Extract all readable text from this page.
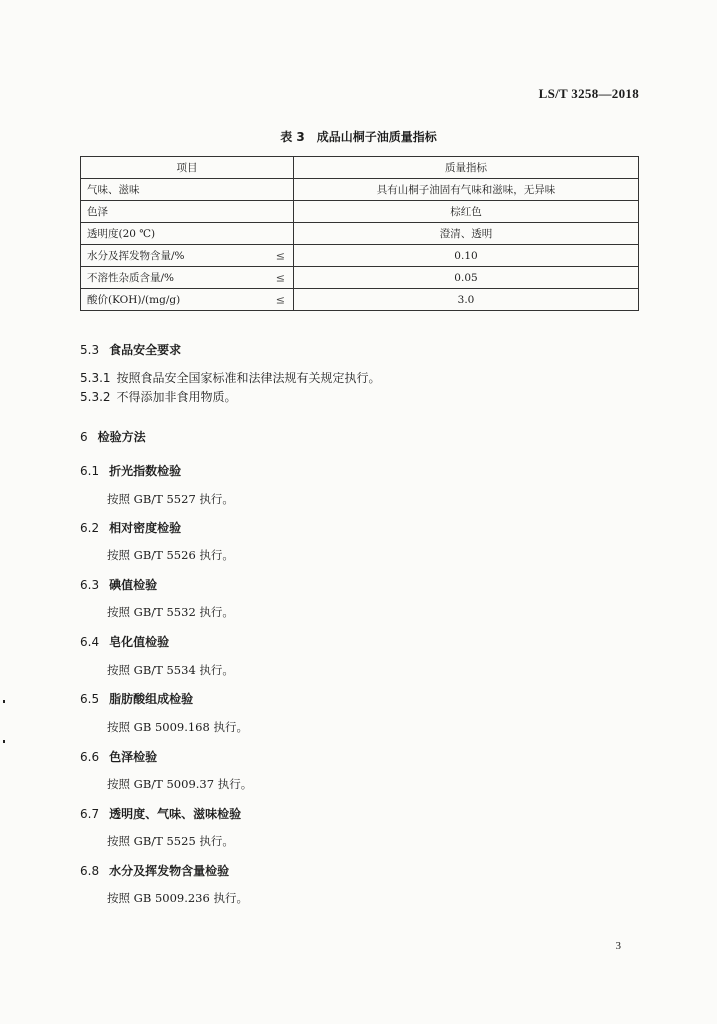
LS/T 3258—2018
表 3　成品山桐子油质量指标
项目	质量指标
气味、滋味	具有山桐子油固有气味和滋味，无异味
色泽	棕红色
透明度(20 ℃)	澄清、透明
水分及挥发物含量/% ≤	0.10
不溶性杂质含量/% ≤	0.05
酸价(KOH)/(mg/g) ≤	3.0
5.3 食品安全要求
5.3.1 按照食品安全国家标准和法律法规有关规定执行。
5.3.2 不得添加非食用物质。
6 检验方法
6.1 折光指数检验
按照 GB/T 5527 执行。
6.2 相对密度检验
按照 GB/T 5526 执行。
6.3 碘值检验
按照 GB/T 5532 执行。
6.4 皂化值检验
按照 GB/T 5534 执行。
6.5 脂肪酸组成检验
按照 GB 5009.168 执行。
6.6 色泽检验
按照 GB/T 5009.37 执行。
6.7 透明度、气味、滋味检验
按照 GB/T 5525 执行。
6.8 水分及挥发物含量检验
按照 GB 5009.236 执行。
3
